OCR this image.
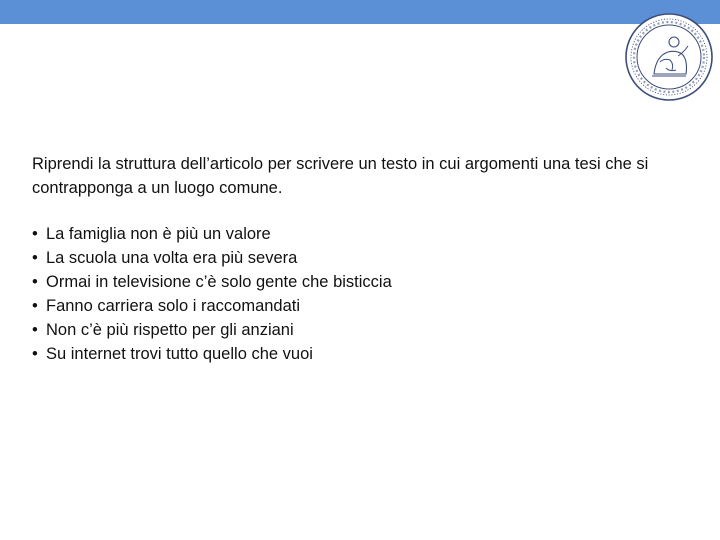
Riprendi la struttura dell’articolo per scrivere un testo in cui argomenti una tesi che si contrapponga a un luogo comune.

• La famiglia non è più un valore
• La scuola una volta era più severa
• Ormai in televisione c’è solo gente che bisticcia
• Fanno carriera solo i raccomandati
• Non c’è più rispetto per gli anziani
• Su internet trovi tutto quello che vuoi
